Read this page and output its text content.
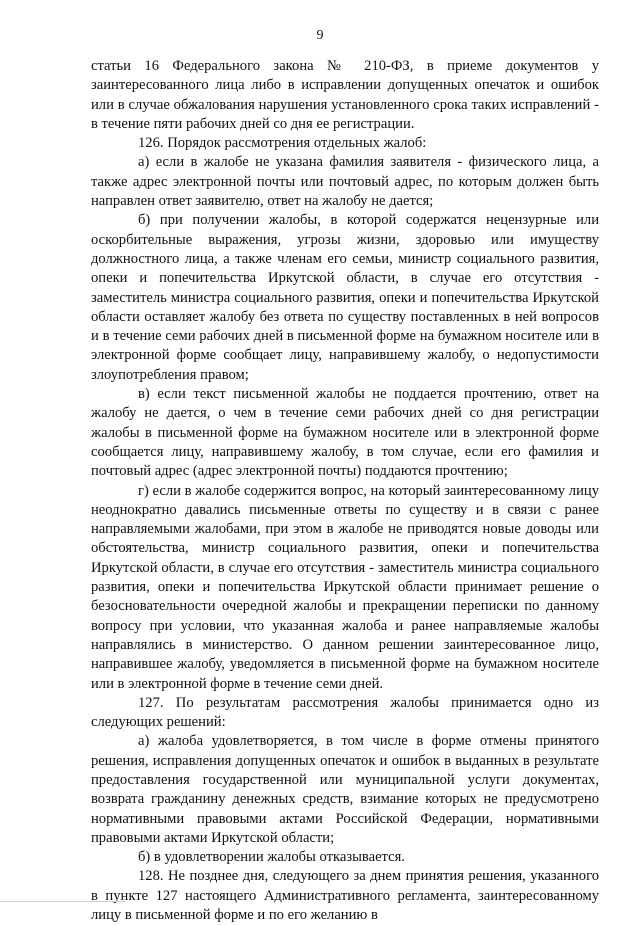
9

статьи 16 Федерального закона № 210-ФЗ, в приеме документов у заинтересованного лица либо в исправлении допущенных опечаток и ошибок или в случае обжалования нарушения установленного срока таких исправлений - в течение пяти рабочих дней со дня ее регистрации.

126. Порядок рассмотрения отдельных жалоб:

а) если в жалобе не указана фамилия заявителя - физического лица, а также адрес электронной почты или почтовый адрес, по которым должен быть направлен ответ заявителю, ответ на жалобу не дается;

б) при получении жалобы, в которой содержатся нецензурные или оскорбительные выражения, угрозы жизни, здоровью или имуществу должностного лица, а также членам его семьи, министр социального развития, опеки и попечительства Иркутской области, в случае его отсутствия - заместитель министра социального развития, опеки и попечительства Иркутской области оставляет жалобу без ответа по существу поставленных в ней вопросов и в течение семи рабочих дней в письменной форме на бумажном носителе или в электронной форме сообщает лицу, направившему жалобу, о недопустимости злоупотребления правом;

в) если текст письменной жалобы не поддается прочтению, ответ на жалобу не дается, о чем в течение семи рабочих дней со дня регистрации жалобы в письменной форме на бумажном носителе или в электронной форме сообщается лицу, направившему жалобу, в том случае, если его фамилия и почтовый адрес (адрес электронной почты) поддаются прочтению;

г) если в жалобе содержится вопрос, на который заинтересованному лицу неоднократно давались письменные ответы по существу и в связи с ранее направляемыми жалобами, при этом в жалобе не приводятся новые доводы или обстоятельства, министр социального развития, опеки и попечительства Иркутской области, в случае его отсутствия - заместитель министра социального развития, опеки и попечительства Иркутской области принимает решение о безосновательности очередной жалобы и прекращении переписки по данному вопросу при условии, что указанная жалоба и ранее направляемые жалобы направлялись в министерство. О данном решении заинтересованное лицо, направившее жалобу, уведомляется в письменной форме на бумажном носителе или в электронной форме в течение семи дней.

127. По результатам рассмотрения жалобы принимается одно из следующих решений:

а) жалоба удовлетворяется, в том числе в форме отмены принятого решения, исправления допущенных опечаток и ошибок в выданных в результате предоставления государственной или муниципальной услуги документах, возврата гражданину денежных средств, взимание которых не предусмотрено нормативными правовыми актами Российской Федерации, нормативными правовыми актами Иркутской области;

б) в удовлетворении жалобы отказывается.

128. Не позднее дня, следующего за днем принятия решения, указанного в пункте 127 настоящего Административного регламента, заинтересованному лицу в письменной форме и по его желанию в
